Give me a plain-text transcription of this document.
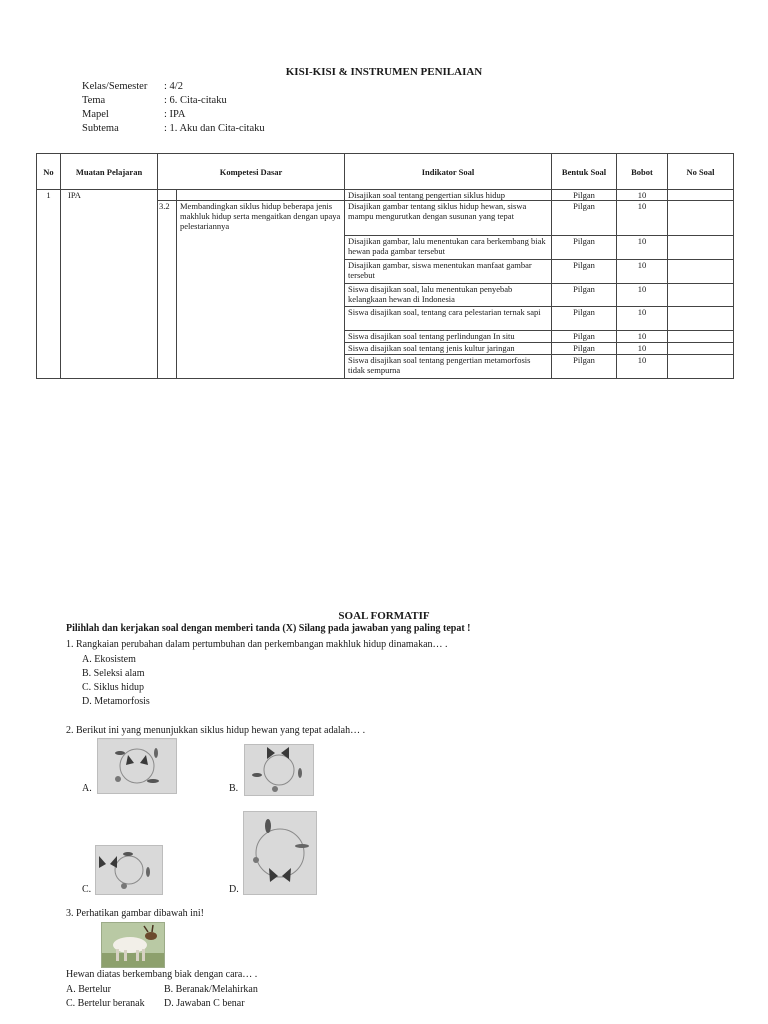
KISI-KISI & INSTRUMEN PENILAIAN
Kelas/Semester : 4/2
Tema	: 6. Cita-citaku
Mapel	: IPA
Subtema	: 1. Aku dan Cita-citaku
No	Muatan Pelajaran	Kompetesi Dasar		Indikator Soal	Bentuk Soal	Bobot	No Soal
1	IPA			Disajikan soal tentang pengertian siklus hidup	Pilgan	10	
		3.2	Membandingkan siklus hidup beberapa jenis makhluk hidup serta mengaitkan dengan upaya pelestariannya	Disajikan gambar tentang siklus hidup hewan, siswa mampu mengurutkan dengan susunan yang tepat	Pilgan	10	
				Disajikan gambar, lalu menentukan cara berkembang biak hewan pada gambar tersebut	Pilgan	10	
				Disajikan gambar, siswa menentukan manfaat gambar tersebut	Pilgan	10	
				Siswa disajikan soal, lalu menentukan penyebab kelangkaan hewan di Indonesia	Pilgan	10	
				Siswa disajikan soal, tentang cara pelestarian ternak sapi	Pilgan	10	
				Siswa disajikan soal tentang perlindungan In situ	Pilgan	10	
				Siswa disajikan soal tentang jenis kultur jaringan	Pilgan	10	
				Siswa disajikan soal tentang pengertian metamorfosis tidak sempurna	Pilgan	10	
SOAL FORMATIF
Pilihlah dan kerjakan soal dengan memberi tanda (X) Silang pada jawaban yang paling tepat !
1. Rangkaian perubahan dalam pertumbuhan dan perkembangan makhluk hidup dinamakan… .
A. Ekosistem
B. Seleksi alam
C. Siklus hidup
D. Metamorfosis
2. Berikut ini yang menunjukkan siklus hidup hewan yang tepat adalah… .
A.	B.
C.	D.
3. Perhatikan gambar dibawah ini!
Hewan diatas berkembang biak dengan cara… .
A. Bertelur	B. Beranak/Melahirkan
C. Bertelur beranak D. Jawaban C benar
